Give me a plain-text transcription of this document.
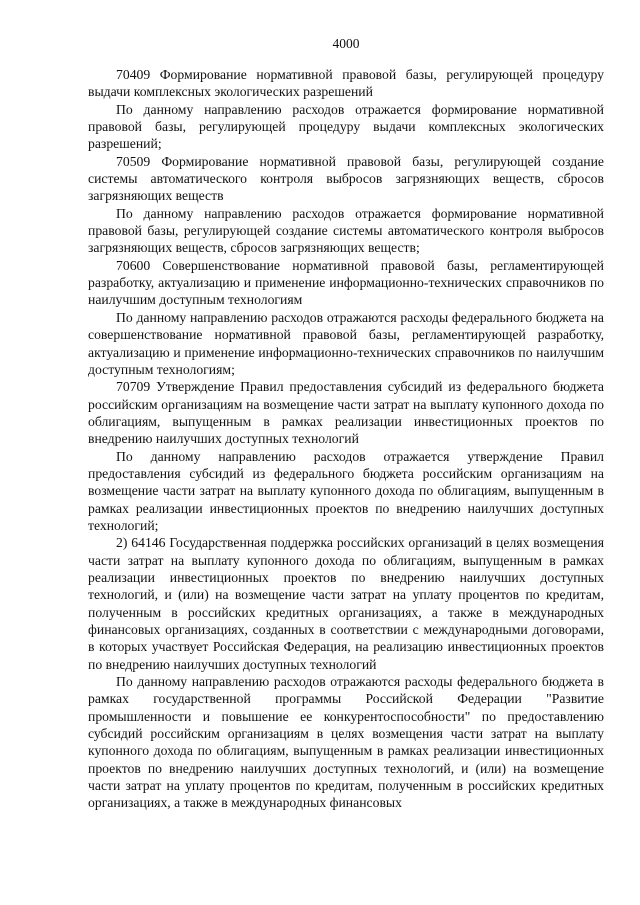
4000

70409 Формирование нормативной правовой базы, регулирующей процедуру выдачи комплексных экологических разрешений

По данному направлению расходов отражается формирование нормативной правовой базы, регулирующей процедуру выдачи комплексных экологических разрешений;

70509 Формирование нормативной правовой базы, регулирующей создание системы автоматического контроля выбросов загрязняющих веществ, сбросов загрязняющих веществ

По данному направлению расходов отражается формирование нормативной правовой базы, регулирующей создание системы автоматического контроля выбросов загрязняющих веществ, сбросов загрязняющих веществ;

70600 Совершенствование нормативной правовой базы, регламентирующей разработку, актуализацию и применение информационно-технических справочников по наилучшим доступным технологиям

По данному направлению расходов отражаются расходы федерального бюджета на совершенствование нормативной правовой базы, регламентирующей разработку, актуализацию и применение информационно-технических справочников по наилучшим доступным технологиям;

70709 Утверждение Правил предоставления субсидий из федерального бюджета российским организациям на возмещение части затрат на выплату купонного дохода по облигациям, выпущенным в рамках реализации инвестиционных проектов по внедрению наилучших доступных технологий

По данному направлению расходов отражается утверждение Правил предоставления субсидий из федерального бюджета российским организациям на возмещение части затрат на выплату купонного дохода по облигациям, выпущенным в рамках реализации инвестиционных проектов по внедрению наилучших доступных технологий;

2) 64146 Государственная поддержка российских организаций в целях возмещения части затрат на выплату купонного дохода по облигациям, выпущенным в рамках реализации инвестиционных проектов по внедрению наилучших доступных технологий, и (или) на возмещение части затрат на уплату процентов по кредитам, полученным в российских кредитных организациях, а также в международных финансовых организациях, созданных в соответствии с международными договорами, в которых участвует Российская Федерация, на реализацию инвестиционных проектов по внедрению наилучших доступных технологий

По данному направлению расходов отражаются расходы федерального бюджета в рамках государственной программы Российской Федерации "Развитие промышленности и повышение ее конкурентоспособности" по предоставлению субсидий российским организациям в целях возмещения части затрат на выплату купонного дохода по облигациям, выпущенным в рамках реализации инвестиционных проектов по внедрению наилучших доступных технологий, и (или) на возмещение части затрат на уплату процентов по кредитам, полученным в российских кредитных организациях, а также в международных финансовых
